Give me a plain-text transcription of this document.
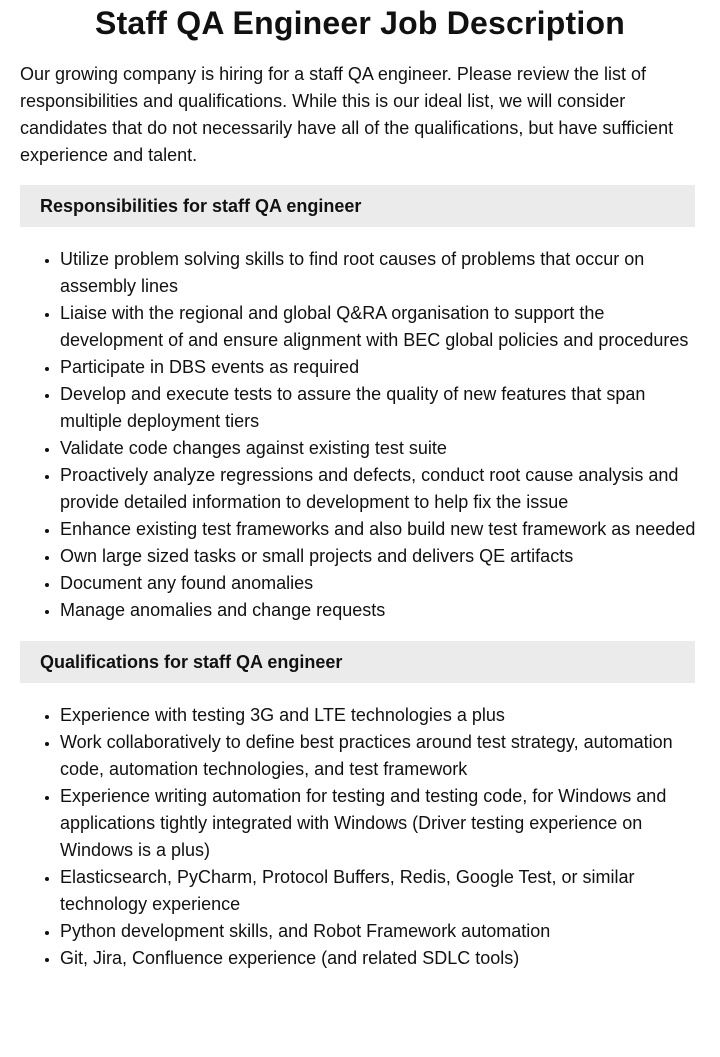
Staff QA Engineer Job Description

Our growing company is hiring for a staff QA engineer. Please review the list of responsibilities and qualifications. While this is our ideal list, we will consider candidates that do not necessarily have all of the qualifications, but have sufficient experience and talent.

Responsibilities for staff QA engineer
• Utilize problem solving skills to find root causes of problems that occur on assembly lines
• Liaise with the regional and global Q&RA organisation to support the development of and ensure alignment with BEC global policies and procedures
• Participate in DBS events as required
• Develop and execute tests to assure the quality of new features that span multiple deployment tiers
• Validate code changes against existing test suite
• Proactively analyze regressions and defects, conduct root cause analysis and provide detailed information to development to help fix the issue
• Enhance existing test frameworks and also build new test framework as needed
• Own large sized tasks or small projects and delivers QE artifacts
• Document any found anomalies
• Manage anomalies and change requests
Qualifications for staff QA engineer
• Experience with testing 3G and LTE technologies a plus
• Work collaboratively to define best practices around test strategy, automation code, automation technologies, and test framework
• Experience writing automation for testing and testing code, for Windows and applications tightly integrated with Windows (Driver testing experience on Windows is a plus)
• Elasticsearch, PyCharm, Protocol Buffers, Redis, Google Test, or similar technology experience
• Python development skills, and Robot Framework automation
• Git, Jira, Confluence experience (and related SDLC tools)
